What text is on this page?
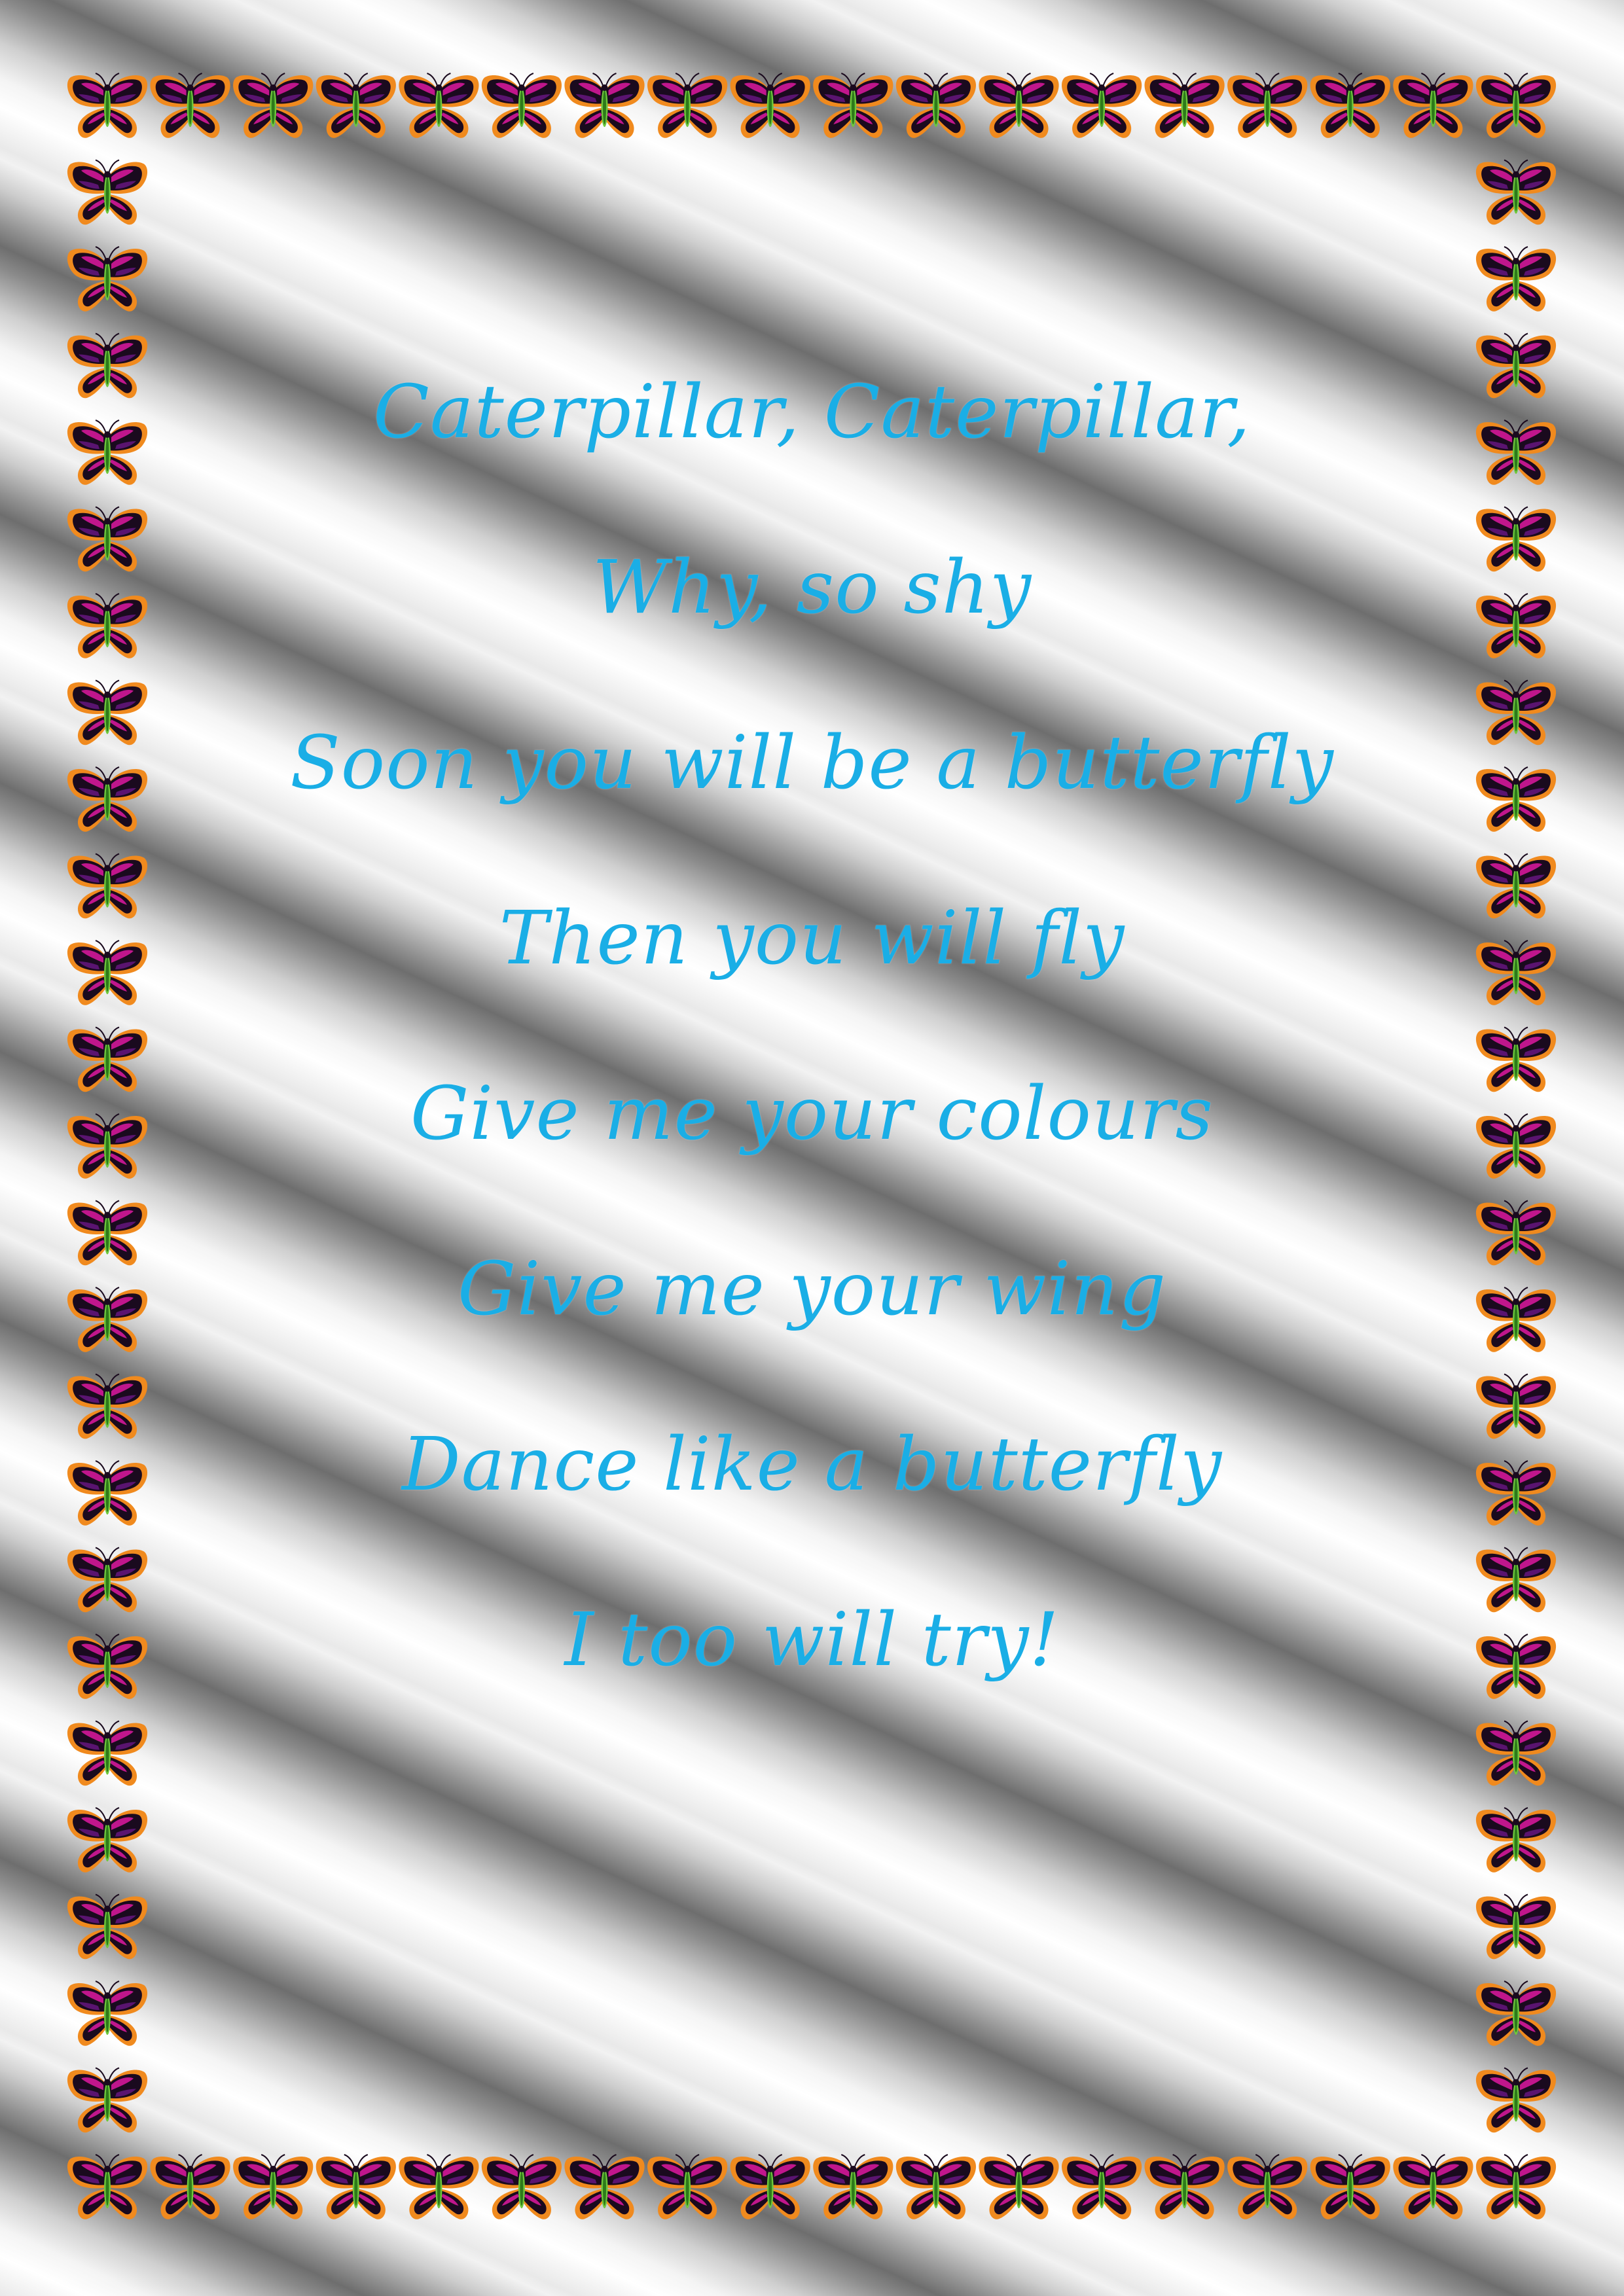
Caterpillar, Caterpillar,
Why, so shy
Soon you will be a butterfly
Then you will fly
Give me your colours
Give me your wing
Dance like a butterfly
I too will try!
